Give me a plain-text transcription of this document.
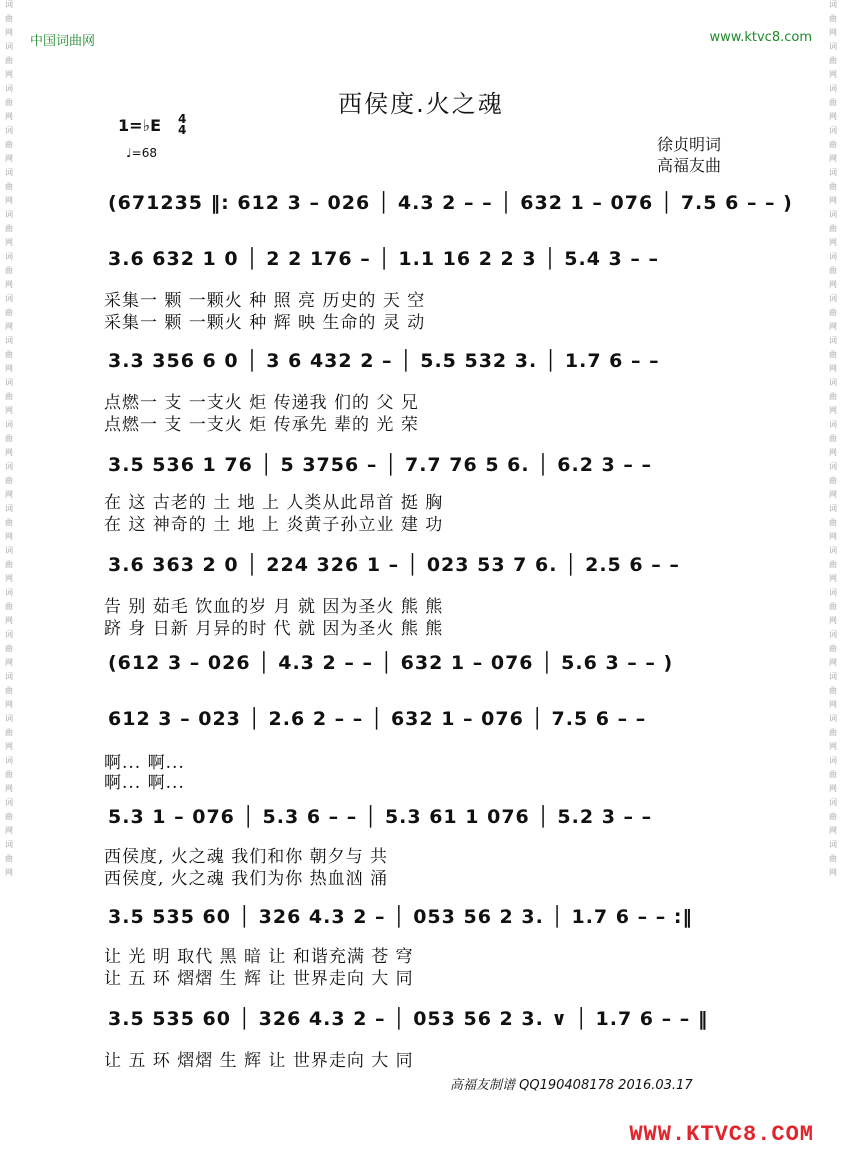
词
曲
网
词
曲
网
词
曲
网
词
曲
网
词
曲
网
词
曲
网
词
曲
网
词
曲
网
词
曲
网
词
曲
网
词
曲
网
词
曲
网
词
曲
网
词
曲
网
词
曲
网
词
曲
网
词
曲
网
词
曲
网
词
曲
网
词
曲
网
词
曲
网
词
曲
网
词
曲
网
词
曲
网
词
曲
网
词
曲
网
词
曲
网
词
曲
网
词
曲
网
词
曲
网
词
曲
网
词
曲
网
词
曲
网
词
曲
网
词
曲
网
词
曲
网
词
曲
网
词
曲
网
词
曲
网
词
曲
网
词
曲
网
词
曲
网
中国词曲网	www.ktvc8.com
西侯度.火之魂
1=♭E 4
4
♩=68	徐贞明词
高福友曲
(671235 ‖: 612 3 – 026 │ 4.3 2 – – │ 632 1 – 076 │ 7.5 6 – – )
3.6 632 1 0 │ 2 2 176 – │ 1.1 16 2 2 3 │ 5.4 3 – –
采集一 颗 一颗火 种 照 亮 历史的 天 空
采集一 颗 一颗火 种 辉 映 生命的 灵 动
3.3 356 6 0 │ 3 6 432 2 – │ 5.5 532 3. │ 1.7 6 – –
点燃一 支 一支火 炬 传递我 们的 父 兄
点燃一 支 一支火 炬 传承先 辈的 光 荣
3.5 536 1 76 │ 5 3756 – │ 7.7 76 5 6. │ 6.2 3 – –
在 这 古老的 土 地 上 人类从此昂首 挺 胸
在 这 神奇的 土 地 上 炎黄子孙立业 建 功
3.6 363 2 0 │ 224 326 1 – │ 023 53 7 6. │ 2.5 6 – –
告 别 茹毛 饮血的岁 月 就 因为圣火 熊 熊
跻 身 日新 月异的时 代 就 因为圣火 熊 熊
(612 3 – 026 │ 4.3 2 – – │ 632 1 – 076 │ 5.6 3 – – )
612 3 – 023 │ 2.6 2 – – │ 632 1 – 076 │ 7.5 6 – –
啊... 啊...
啊... 啊...
5.3 1 – 076 │ 5.3 6 – – │ 5.3 61 1 076 │ 5.2 3 – –
西侯度, 火之魂 我们和你 朝夕与 共
西侯度, 火之魂 我们为你 热血汹 涌
3.5 535 60 │ 326 4.3 2 – │ 053 56 2 3. │ 1.7 6 – – :‖
让 光 明 取代 黑 暗 让 和谐充满 苍 穹
让 五 环 熠熠 生 辉 让 世界走向 大 同
3.5 535 60 │ 326 4.3 2 – │ 053 56 2 3. ∨ │ 1.7 6 – – ‖
让 五 环 熠熠 生 辉 让 世界走向 大 同
高福友制谱 QQ190408178 2016.03.17
WWW.KTVC8.COM
